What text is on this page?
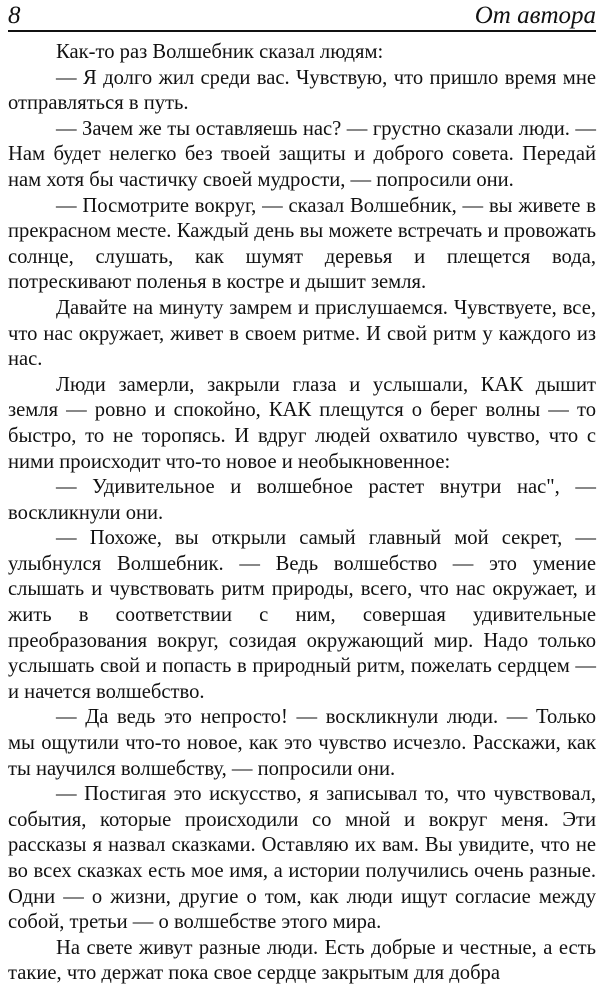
8	От автора

Как-то раз Волшебник сказал людям:

— Я долго жил среди вас. Чувствую, что пришло время мне отправляться в путь.

— Зачем же ты оставляешь нас? — грустно сказали люди. — Нам будет нелегко без твоей защиты и доброго совета. Передай нам хотя бы частичку своей мудрости, — попросили они.

— Посмотрите вокруг, — сказал Волшебник, — вы живете в прекрасном месте. Каждый день вы можете встречать и провожать солнце, слушать, как шумят деревья и плещется вода, потрескивают поленья в костре и дышит земля.

Давайте на минуту замрем и прислушаемся. Чувствуете, все, что нас окружает, живет в своем ритме. И свой ритм у каждого из нас.

Люди замерли, закрыли глаза и услышали, КАК дышит земля — ровно и спокойно, КАК плещутся о берег волны — то быстро, то не торопясь. И вдруг людей охватило чувство, что с ними происходит что-то новое и необыкновенное:

— Удивительное и волшебное растет внутри нас", — воскликнули они.

— Похоже, вы открыли самый главный мой секрет, — улыбнулся Волшебник. — Ведь волшебство — это умение слышать и чувствовать ритм природы, всего, что нас окружает, и жить в соответствии с ним, совершая удивительные преобразования вокруг, созидая окружающий мир. Надо только услышать свой и попасть в природный ритм, пожелать сердцем — и начется волшебство.

— Да ведь это непросто! — воскликнули люди. — Только мы ощутили что-то новое, как это чувство исчезло. Расскажи, как ты научился волшебству, — попросили они.

— Постигая это искусство, я записывал то, что чувствовал, события, которые происходили со мной и вокруг меня. Эти рассказы я назвал сказками. Оставляю их вам. Вы увидите, что не во всех сказках есть мое имя, а истории получились очень разные. Одни — о жизни, другие о том, как люди ищут согласие между собой, третьи — о волшебстве этого мира.

На свете живут разные люди. Есть добрые и честные, а есть такие, что держат пока свое сердце закрытым для добра
